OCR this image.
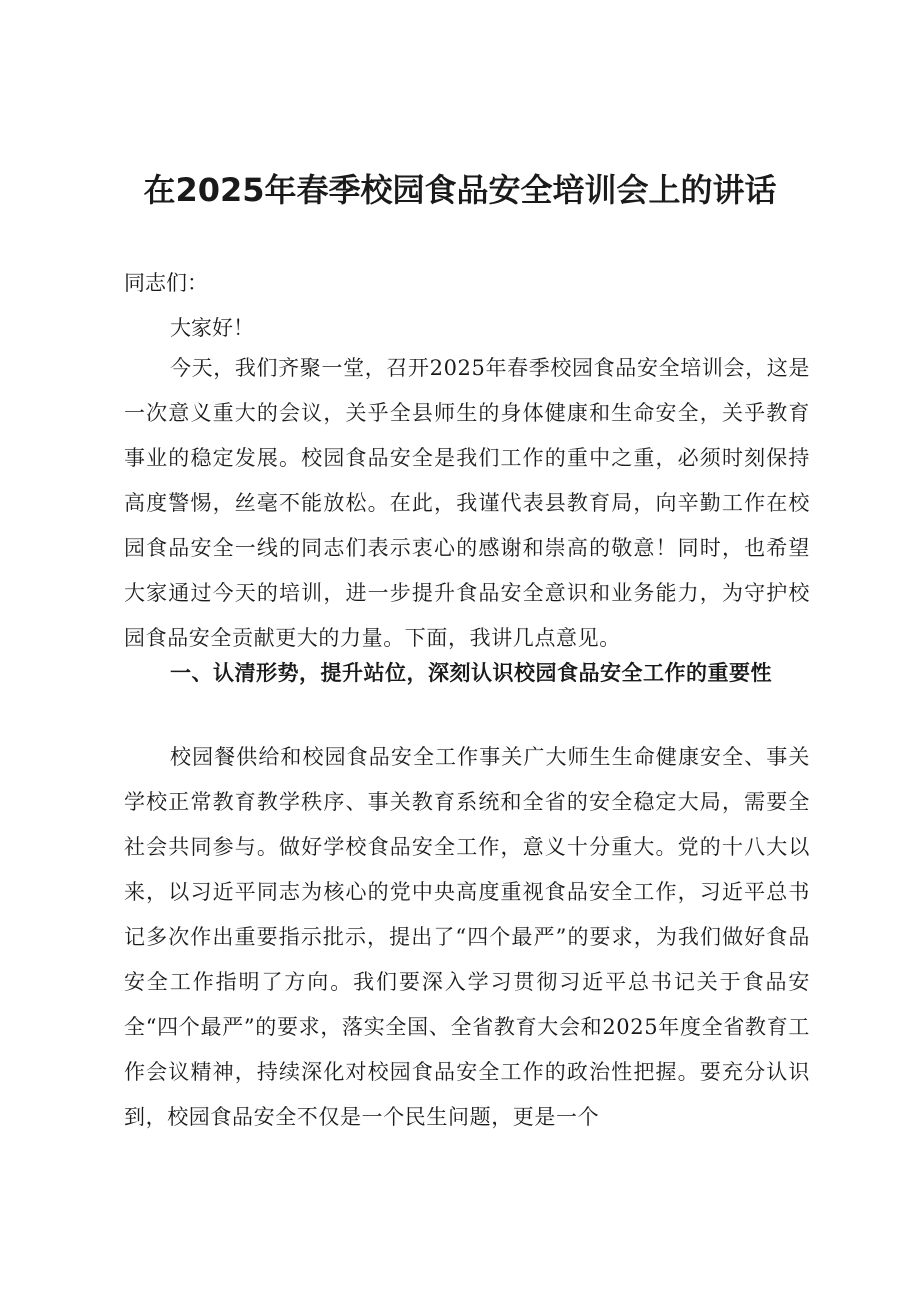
在2025年春季校园食品安全培训会上的讲话
同志们：
大家好！
今天，我们齐聚一堂，召开2025年春季校园食品安全培训会，这是一次意义重大的会议，关乎全县师生的身体健康和生命安全，关乎教育事业的稳定发展。校园食品安全是我们工作的重中之重，必须时刻保持高度警惕，丝毫不能放松。在此，我谨代表县教育局，向辛勤工作在校园食品安全一线的同志们表示衷心的感谢和崇高的敬意！同时，也希望大家通过今天的培训，进一步提升食品安全意识和业务能力，为守护校园食品安全贡献更大的力量。下面，我讲几点意见。
一、认清形势，提升站位，深刻认识校园食品安全工作的重要性
校园餐供给和校园食品安全工作事关广大师生生命健康安全、事关学校正常教育教学秩序、事关教育系统和全省的安全稳定大局，需要全社会共同参与。做好学校食品安全工作，意义十分重大。党的十八大以来，以习近平同志为核心的党中央高度重视食品安全工作，习近平总书记多次作出重要指示批示，提出了“四个最严”的要求，为我们做好食品安全工作指明了方向。我们要深入学习贯彻习近平总书记关于食品安全“四个最严”的要求，落实全国、全省教育大会和2025年度全省教育工作会议精神，持续深化对校园食品安全工作的政治性把握。要充分认识到，校园食品安全不仅是一个民生问题，更是一个
